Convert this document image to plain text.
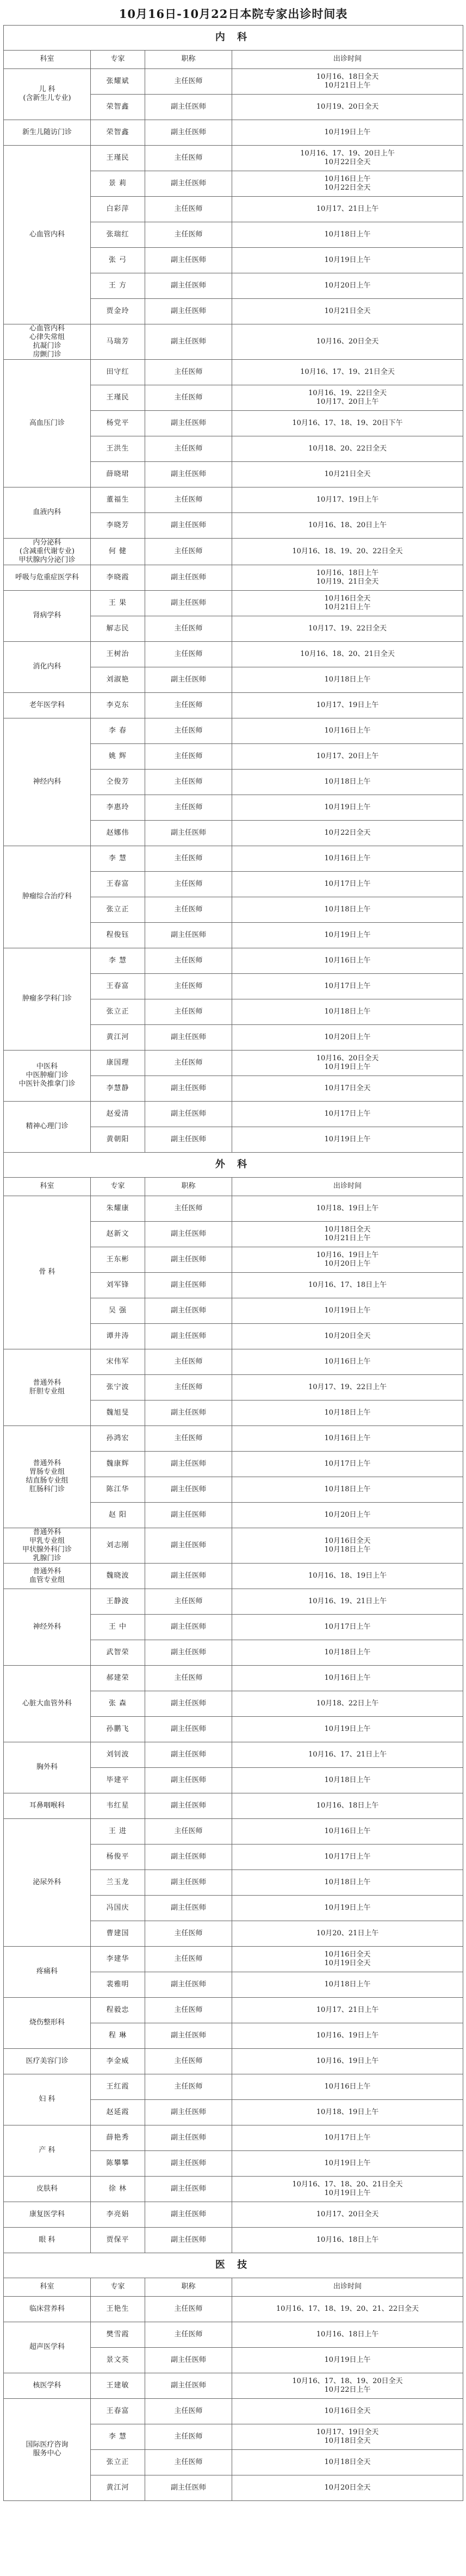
10月16日-10月22日本院专家出诊时间表			
内 科			
科室	专家	职称	出诊时间

儿 科
(含新生儿专业)	张耀斌	主任医师	10月16、18日全天
10月21日上午

	荣智鑫	副主任医师	10月19、20日全天

新生儿随访门诊	荣智鑫	副主任医师	10月19日上午

心血管内科	王瑾民	主任医师	10月16、17、19、20日上午
10月22日全天

	景 莉	副主任医师	10月16日上午
10月22日全天

	白彩萍	主任医师	10月17、21日上午

	张瑞红	主任医师	10月18日上午

	张 弓	副主任医师	10月19日上午

	王 方	副主任医师	10月20日上午

	贾金玲	副主任医师	10月21日全天

心血管内科
心律失常组
抗凝门诊
房颤门诊	马瑞芳	副主任医师	10月16、20日全天

高血压门诊	田守红	主任医师	10月16、17、19、21日全天

	王瑾民	主任医师	10月16、19、22日全天
10月17、20日上午

	杨党平	副主任医师	10月16、17、18、19、20日下午

	王洪生	主任医师	10月18、20、22日全天

	薛晓珺	副主任医师	10月21日全天

血液内科	董福生	主任医师	10月17、19日上午

	李晓芳	副主任医师	10月16、18、20日上午

内分泌科
(含减重代谢专业)
甲状腺内分泌门诊	何 健	主任医师	10月16、18、19、20、22日全天

呼吸与危重症医学科	李晓霞	副主任医师	10月16、18日上午
10月19、21日全天

肾病学科	王 果	副主任医师	10月16日全天
10月21日上午

	解志民	主任医师	10月17、19、22日全天

消化内科	王树治	主任医师	10月16、18、20、21日全天

	刘淑艳	副主任医师	10月18日上午

老年医学科	李克东	主任医师	10月17、19日上午

神经内科	李 春	主任医师	10月16日上午

	姚 辉	主任医师	10月17、20日上午

	仝俊芳	主任医师	10月18日上午

	李惠玲	主任医师	10月19日上午

	赵娜伟	副主任医师	10月22日全天

肿瘤综合治疗科	李 慧	主任医师	10月16日上午

	王春富	主任医师	10月17日上午

	张立正	主任医师	10月18日上午

	程俊钰	副主任医师	10月19日上午

肿瘤多学科门诊	李 慧	主任医师	10月16日上午

	王春富	主任医师	10月17日上午

	张立正	主任医师	10月18日上午

	黄江河	副主任医师	10月20日上午

中医科
中医肿瘤门诊
中医针灸推拿门诊	康国理	主任医师	10月16、20日全天
10月19日上午

	李慧静	副主任医师	10月17日全天

精神心理门诊	赵爱清	副主任医师	10月17日上午

	黄朝阳	副主任医师	10月19日上午

外 科			
科室	专家	职称	出诊时间

骨 科	朱耀康	主任医师	10月18、19日上午

	赵新文	副主任医师	10月18日全天
10月21日上午

	王东彬	副主任医师	10月16、19日上午
10月20日上午

	刘军锋	副主任医师	10月16、17、18日上午

	吴 强	副主任医师	10月19日上午

	谭井涛	副主任医师	10月20日全天

普通外科
肝胆专业组	宋伟军	主任医师	10月16日上午

	张宁波	主任医师	10月17、19、22日上午

	魏旭旻	副主任医师	10月18日上午

普通外科
胃肠专业组
结直肠专业组
肛肠科门诊	孙鸿宏	主任医师	10月16日上午

	魏康辉	副主任医师	10月17日上午

	陈江华	副主任医师	10月18日上午

	赵 阳	副主任医师	10月20日上午

普通外科
甲乳专业组
甲状腺外科门诊
乳腺门诊	刘志刚	副主任医师	10月16日全天
10月18日上午

普通外科
血管专业组	魏晓波	副主任医师	10月16、18、19日上午

神经外科	王静波	主任医师	10月16、19、21日上午

	王 中	副主任医师	10月17日上午

	武智荣	副主任医师	10月18日上午

心脏大血管外科	郝建荣	主任医师	10月16日上午

	张 森	副主任医师	10月18、22日上午

	孙鹏飞	副主任医师	10月19日上午

胸外科	刘钊波	副主任医师	10月16、17、21日上午

	毕建平	副主任医师	10月18日上午

耳鼻咽喉科	韦红星	副主任医师	10月16、18日上午

泌尿外科	王 进	主任医师	10月16日上午

	杨俊平	副主任医师	10月17日上午

	兰玉龙	副主任医师	10月18日上午

	冯国庆	副主任医师	10月19日上午

	曹建国	主任医师	10月20、21日上午

疼痛科	李建华	主任医师	10月16日全天
10月19日全天

	裴雅明	副主任医师	10月18日上午

烧伤整形科	程毅忠	主任医师	10月17、21日上午

	程 琳	副主任医师	10月16、19日上午

医疗美容门诊	李金威	主任医师	10月16、19日上午

妇 科	王红霞	主任医师	10月16日上午

	赵延霞	副主任医师	10月18、19日上午

产 科	薛艳秀	副主任医师	10月17日上午

	陈攀攀	副主任医师	10月19日上午

皮肤科	徐 林	副主任医师	10月16、17、18、20、21日全天
10月19日上午

康复医学科	李亮娟	副主任医师	10月17、20日全天

眼 科	贾保平	副主任医师	10月16、18日上午

医 技			
科室	专家	职称	出诊时间

临床营养科	王艳生	主任医师	10月16、17、18、19、20、21、22日全天

超声医学科	樊雪霞	主任医师	10月16、18日上午

	景文英	副主任医师	10月19日上午

核医学科	王建敏	副主任医师	10月16、17、18、19、20日全天
10月22日上午

国际医疗咨询
服务中心	王春富	主任医师	10月16日全天

	李 慧	主任医师	10月17、19日全天
10月18日全天

	张立正	主任医师	10月18日全天

	黄江河	副主任医师	10月20日全天
